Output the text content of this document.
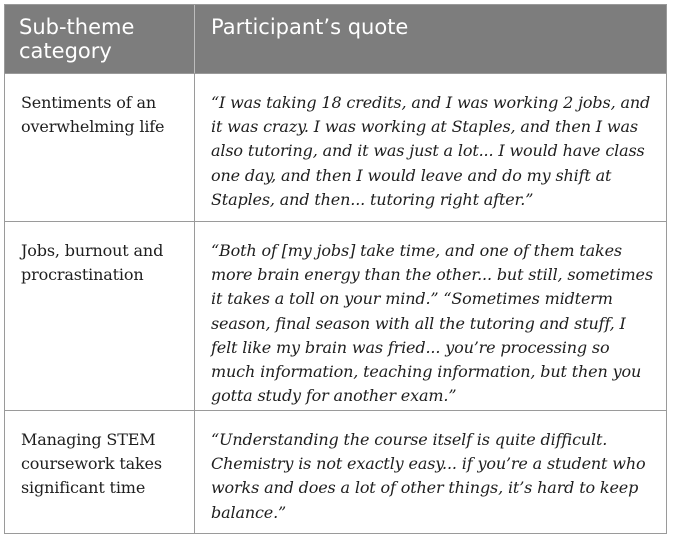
Sub-theme category
Participant’s quote
Sentiments of an overwhelming life
“I was taking 18 credits, and I was working 2 jobs, and it was crazy. I was working at Staples, and then I was also tutoring, and it was just a lot... I would have class one day, and then I would leave and do my shift at Staples, and then... tutoring right after.”
Jobs, burnout and procrastination
“Both of [my jobs] take time, and one of them takes more brain energy than the other... but still, sometimes it takes a toll on your mind.” “Sometimes midterm season, final season with all the tutoring and stuff, I felt like my brain was fried... you’re processing so much information, teaching information, but then you gotta study for another exam.”
Managing STEM coursework takes significant time
“Understanding the course itself is quite difficult. Chemistry is not exactly easy... if you’re a student who works and does a lot of other things, it’s hard to keep balance.”
